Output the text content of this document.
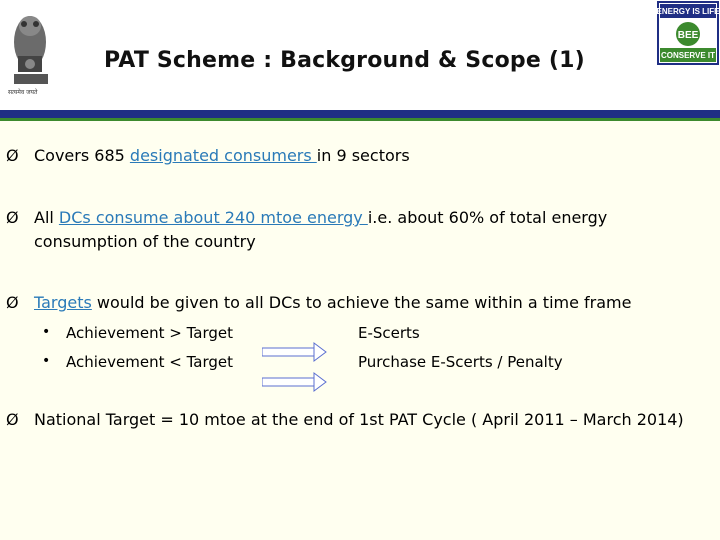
सत्यमेव जयते
PAT Scheme : Background & Scope (1)
ENERGY IS LIFE
BEE
CONSERVE IT
Ø Covers 685 designated consumers in 9 sectors
Ø All DCs consume about 240 mtoe energy i.e. about 60% of total energy consumption of the country
Ø Targets would be given to all DCs to achieve the same within a time frame
• Achievement > Target	E-Scerts
• Achievement < Target	Purchase E-Scerts / Penalty
Ø National Target = 10 mtoe at the end of 1st PAT Cycle ( April 2011 – March 2014)
